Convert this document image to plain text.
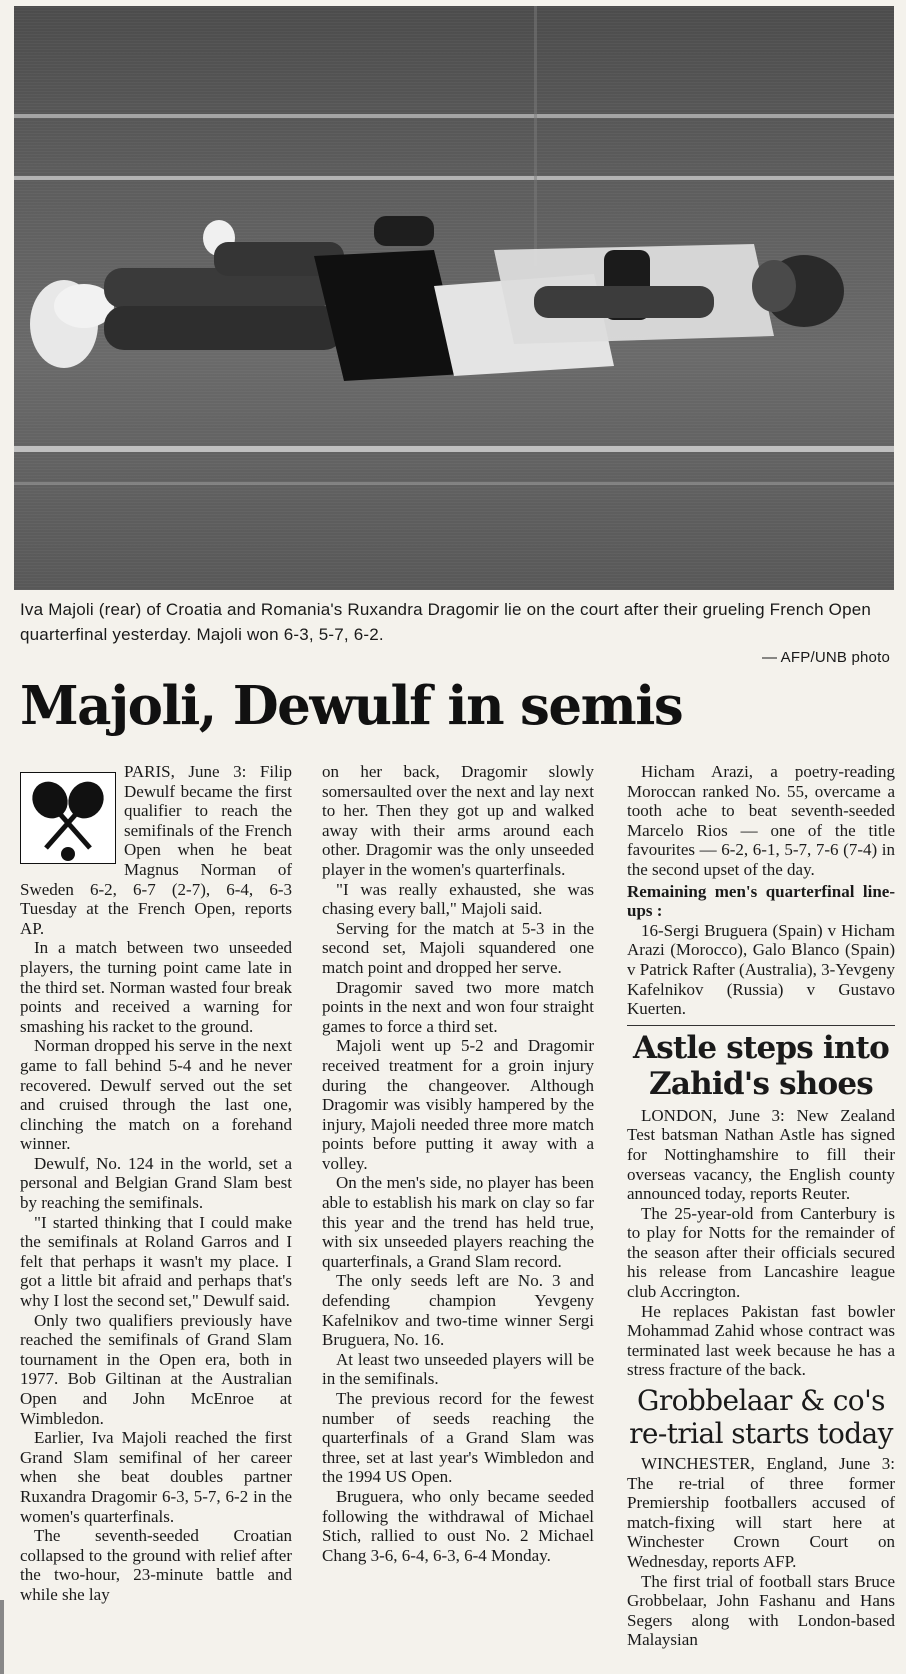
Iva Majoli (rear) of Croatia and Romania's Ruxandra Dragomir lie on the court after their grueling French Open quarterfinal yesterday. Majoli won 6-3, 5-7, 6-2.
— AFP/UNB photo
Majoli, Dewulf in semis

PARIS, June 3: Filip Dewulf became the first qualifier to reach the semifinals of the French Open when he beat Magnus Norman of Sweden 6-2, 6-7 (2-7), 6-4, 6-3 Tuesday at the French Open, reports AP.

In a match between two unseeded players, the turning point came late in the third set. Norman wasted four break points and received a warning for smashing his racket to the ground.

Norman dropped his serve in the next game to fall behind 5-4 and he never recovered. Dewulf served out the set and cruised through the last one, clinching the match on a forehand winner.

Dewulf, No. 124 in the world, set a personal and Belgian Grand Slam best by reaching the semifinals.

"I started thinking that I could make the semifinals at Roland Garros and I felt that perhaps it wasn't my place. I got a little bit afraid and perhaps that's why I lost the second set," Dewulf said.

Only two qualifiers previously have reached the semifinals of Grand Slam tournament in the Open era, both in 1977. Bob Giltinan at the Australian Open and John McEnroe at Wimbledon.

Earlier, Iva Majoli reached the first Grand Slam semifinal of her career when she beat doubles partner Ruxandra Dragomir 6-3, 5-7, 6-2 in the women's quarterfinals.

The seventh-seeded Croatian collapsed to the ground with relief after the two-hour, 23-minute battle and while she lay

on her back, Dragomir slowly somersaulted over the next and lay next to her. Then they got up and walked away with their arms around each other. Dragomir was the only unseeded player in the women's quarterfinals.

"I was really exhausted, she was chasing every ball," Majoli said.

Serving for the match at 5-3 in the second set, Majoli squandered one match point and dropped her serve.

Dragomir saved two more match points in the next and won four straight games to force a third set.

Majoli went up 5-2 and Dragomir received treatment for a groin injury during the changeover. Although Dragomir was visibly hampered by the injury, Majoli needed three more match points before putting it away with a volley.

On the men's side, no player has been able to establish his mark on clay so far this year and the trend has held true, with six unseeded players reaching the quarterfinals, a Grand Slam record.

The only seeds left are No. 3 and defending champion Yevgeny Kafelnikov and two-time winner Sergi Bruguera, No. 16.

At least two unseeded players will be in the semifinals.

The previous record for the fewest number of seeds reaching the quarterfinals of a Grand Slam was three, set at last year's Wimbledon and the 1994 US Open.

Bruguera, who only became seeded following the withdrawal of Michael Stich, rallied to oust No. 2 Michael Chang 3-6, 6-4, 6-3, 6-4 Monday.

Hicham Arazi, a poetry-reading Moroccan ranked No. 55, overcame a tooth ache to beat seventh-seeded Marcelo Rios — one of the title favourites — 6-2, 6-1, 5-7, 7-6 (7-4) in the second upset of the day.

Remaining men's quarterfinal line-ups :

16-Sergi Bruguera (Spain) v Hicham Arazi (Morocco), Galo Blanco (Spain) v Patrick Rafter (Australia), 3-Yevgeny Kafelnikov (Russia) v Gustavo Kuerten.

Astle steps into Zahid's shoes

LONDON, June 3: New Zealand Test batsman Nathan Astle has signed for Nottinghamshire to fill their overseas vacancy, the English county announced today, reports Reuter.

The 25-year-old from Canterbury is to play for Notts for the remainder of the season after their officials secured his release from Lancashire league club Accrington.

He replaces Pakistan fast bowler Mohammad Zahid whose contract was terminated last week because he has a stress fracture of the back.

Grobbelaar & co's re-trial starts today

WINCHESTER, England, June 3: The re-trial of three former Premiership footballers accused of match-fixing will start here at Winchester Crown Court on Wednesday, reports AFP.

The first trial of football stars Bruce Grobbelaar, John Fashanu and Hans Segers along with London-based Malaysian
